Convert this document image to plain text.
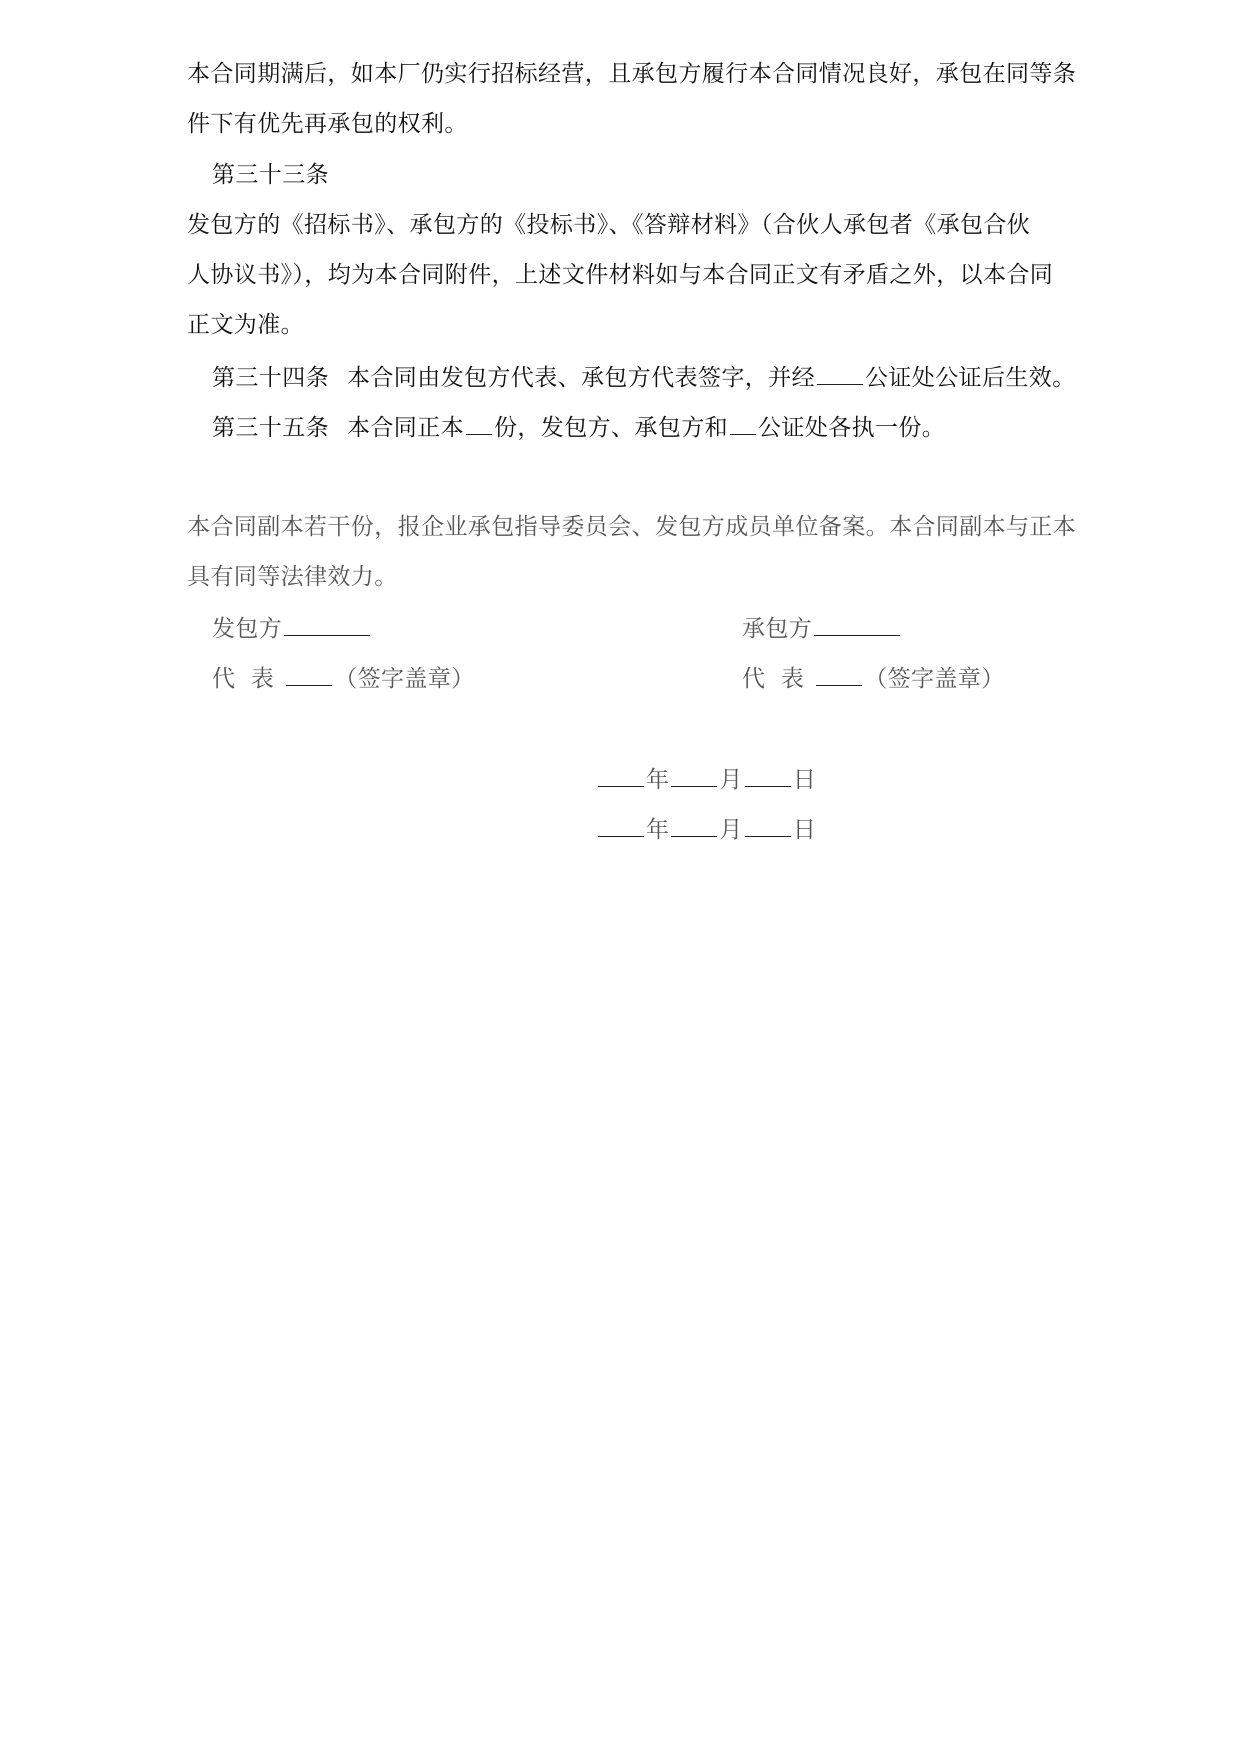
本合同期满后，如本厂仍实行招标经营，且承包方履行本合同情况良好，承包在同等条
件下有优先再承包的权利。
第三十三条
发包方的《招标书》、承包方的《投标书》、《答辩材料》（合伙人承包者《承包合伙
人协议书》），均为本合同附件，上述文件材料如与本合同正文有矛盾之外，以本合同
正文为准。
第三十四条 本合同由发包方代表、承包方代表签字，并经 公证处公证后生效。
第三十五条 本合同正本 份，发包方、承包方和 公证处各执一份。
本合同副本若干份，报企业承包指导委员会、发包方成员单位备案。本合同副本与正本
具有同等法律效力。
发包方	承包方
代  表	（签字盖章）	代  表	（签字盖章）
年 月 日
年 月 日
